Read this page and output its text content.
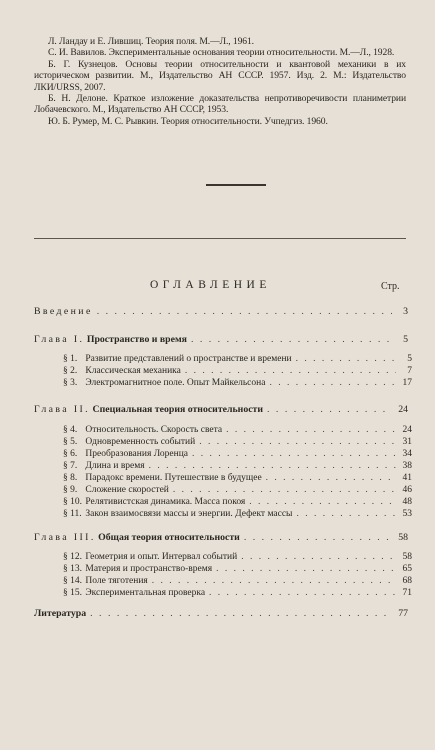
Л. Ландау и Е. Лившиц. Теория поля. М.—Л., 1961.

С. И. Вавилов. Экспериментальные основания теории относительности. М.—Л., 1928.

Б. Г. Кузнецов. Основы теории относительности и квантовой механики в их историческом развитии. М., Издательство АН СССР. 1957. Изд. 2. М.: Издательство ЛКИ/URSS, 2007.

Б. Н. Делоне. Краткое изложение доказательства непротиворечивости планиметрии Лобачевского. М., Издательство АН СССР, 1953.

Ю. Б. Румер, М. С. Рывкин. Теория относительности. Учпедгиз. 1960.

ОГЛАВЛЕНИЕ	Стр.
Введение . . .	3
Глава I. Пространство и время . . .	5
§ 1. Развитие представлений о пространстве и времени . . .	5
§ 2. Классическая механика . . .	7
§ 3. Электромагнитное поле. Опыт Майкельсона . . .	17
Глава II. Специальная теория относительности . . .	24
§ 4. Относительность. Скорость света . . .	24
§ 5. Одновременность событий . . .	31
§ 6. Преобразования Лоренца . . .	34
§ 7. Длина и время . . .	38
§ 8. Парадокс времени. Путешествие в будущее . . .	41
§ 9. Сложение скоростей . . .	46
§ 10. Релятивистская динамика. Масса покоя . . .	48
§ 11. Закон взаимосвязи массы и энергии. Дефект массы . . .	53
Глава III. Общая теория относительности . . .	58
§ 12. Геометрия и опыт. Интервал событий . . .	58
§ 13. Материя и пространство-время . . .	65
§ 14. Поле тяготения . . .	68
§ 15. Экспериментальная проверка . . .	71
Литература . . .	77
